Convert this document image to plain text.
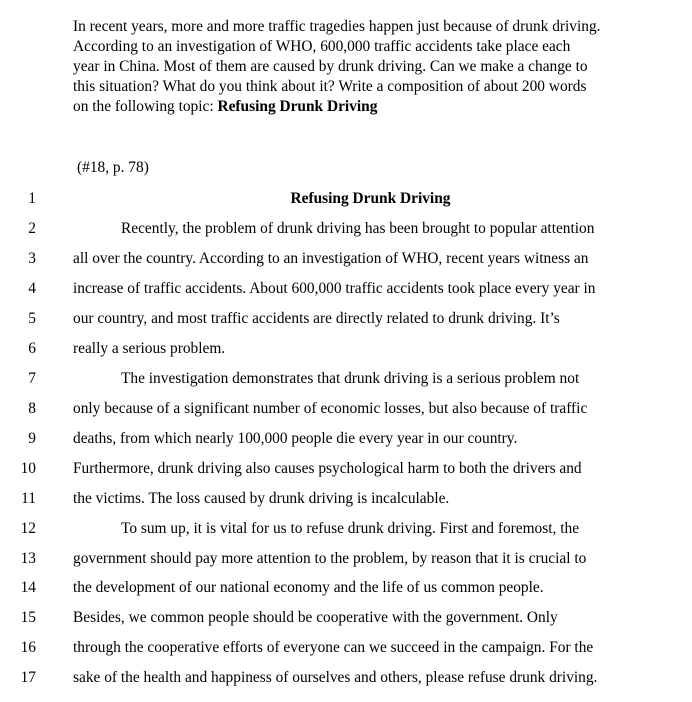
In recent years, more and more traffic tragedies happen just because of drunk driving.
According to an investigation of WHO, 600,000 traffic accidents take place each
year in China. Most of them are caused by drunk driving. Can we make a change to
this situation? What do you think about it? Write a composition of about 200 words
on the following topic: Refusing Drunk Driving
(#18, p. 78)
1	Refusing Drunk Driving
2	Recently, the problem of drunk driving has been brought to popular attention
3 all over the country. According to an investigation of WHO, recent years witness an
4 increase of traffic accidents. About 600,000 traffic accidents took place every year in
5 our country, and most traffic accidents are directly related to drunk driving. It’s
6 really a serious problem.
7	The investigation demonstrates that drunk driving is a serious problem not
8 only because of a significant number of economic losses, but also because of traffic
9 deaths, from which nearly 100,000 people die every year in our country.
10 Furthermore, drunk driving also causes psychological harm to both the drivers and
11 the victims. The loss caused by drunk driving is incalculable.
12	To sum up, it is vital for us to refuse drunk driving. First and foremost, the
13 government should pay more attention to the problem, by reason that it is crucial to
14 the development of our national economy and the life of us common people.
15 Besides, we common people should be cooperative with the government. Only
16 through the cooperative efforts of everyone can we succeed in the campaign. For the
17 sake of the health and happiness of ourselves and others, please refuse drunk driving.
